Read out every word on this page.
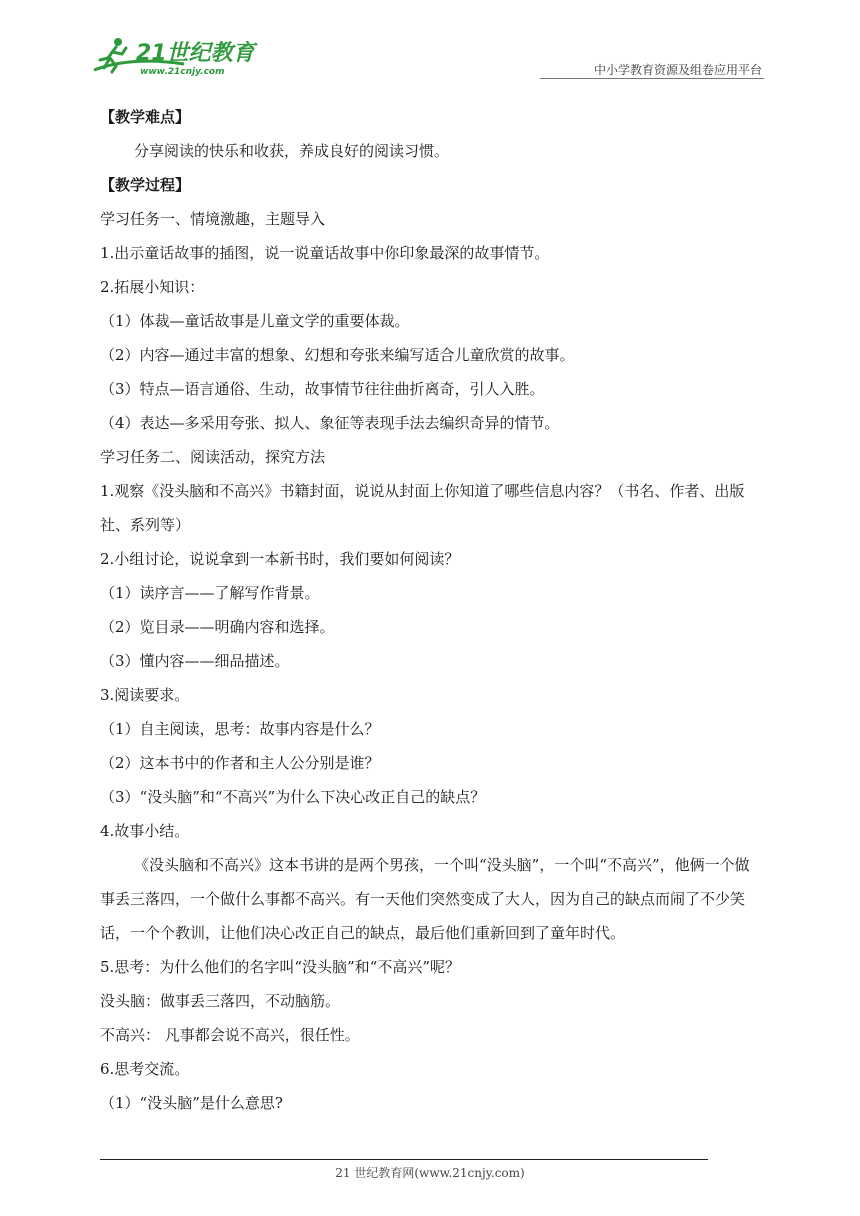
21世纪教育
www.21cnjy.com	中小学教育资源及组卷应用平台

【教学难点】

分享阅读的快乐和收获，养成良好的阅读习惯。

【教学过程】

学习任务一、情境激趣，主题导入

1.出示童话故事的插图，说一说童话故事中你印象最深的故事情节。

2.拓展小知识：

（1）体裁—童话故事是儿童文学的重要体裁。

（2）内容—通过丰富的想象、幻想和夸张来编写适合儿童欣赏的故事。

（3）特点—语言通俗、生动，故事情节往往曲折离奇，引人入胜。

（4）表达—多采用夸张、拟人、象征等表现手法去编织奇异的情节。

学习任务二、阅读活动，探究方法

1.观察《没头脑和不高兴》书籍封面，说说从封面上你知道了哪些信息内容？（书名、作者、出版社、系列等）

2.小组讨论，说说拿到一本新书时，我们要如何阅读？

（1）读序言——了解写作背景。

（2）览目录——明确内容和选择。

（3）懂内容——细品描述。

3.阅读要求。

（1）自主阅读，思考：故事内容是什么？

（2）这本书中的作者和主人公分别是谁？

（3）“没头脑”和“不高兴”为什么下决心改正自己的缺点？

4.故事小结。

《没头脑和不高兴》这本书讲的是两个男孩，一个叫“没头脑”，一个叫“不高兴”，他俩一个做事丢三落四，一个做什么事都不高兴。有一天他们突然变成了大人，因为自己的缺点而闹了不少笑话，一个个教训，让他们决心改正自己的缺点，最后他们重新回到了童年时代。

5.思考：为什么他们的名字叫“没头脑”和“不高兴”呢？

没头脑：做事丢三落四，不动脑筋。

不高兴： 凡事都会说不高兴，很任性。

6.思考交流。

（1）“没头脑”是什么意思?

21 世纪教育网(www.21cnjy.com)
